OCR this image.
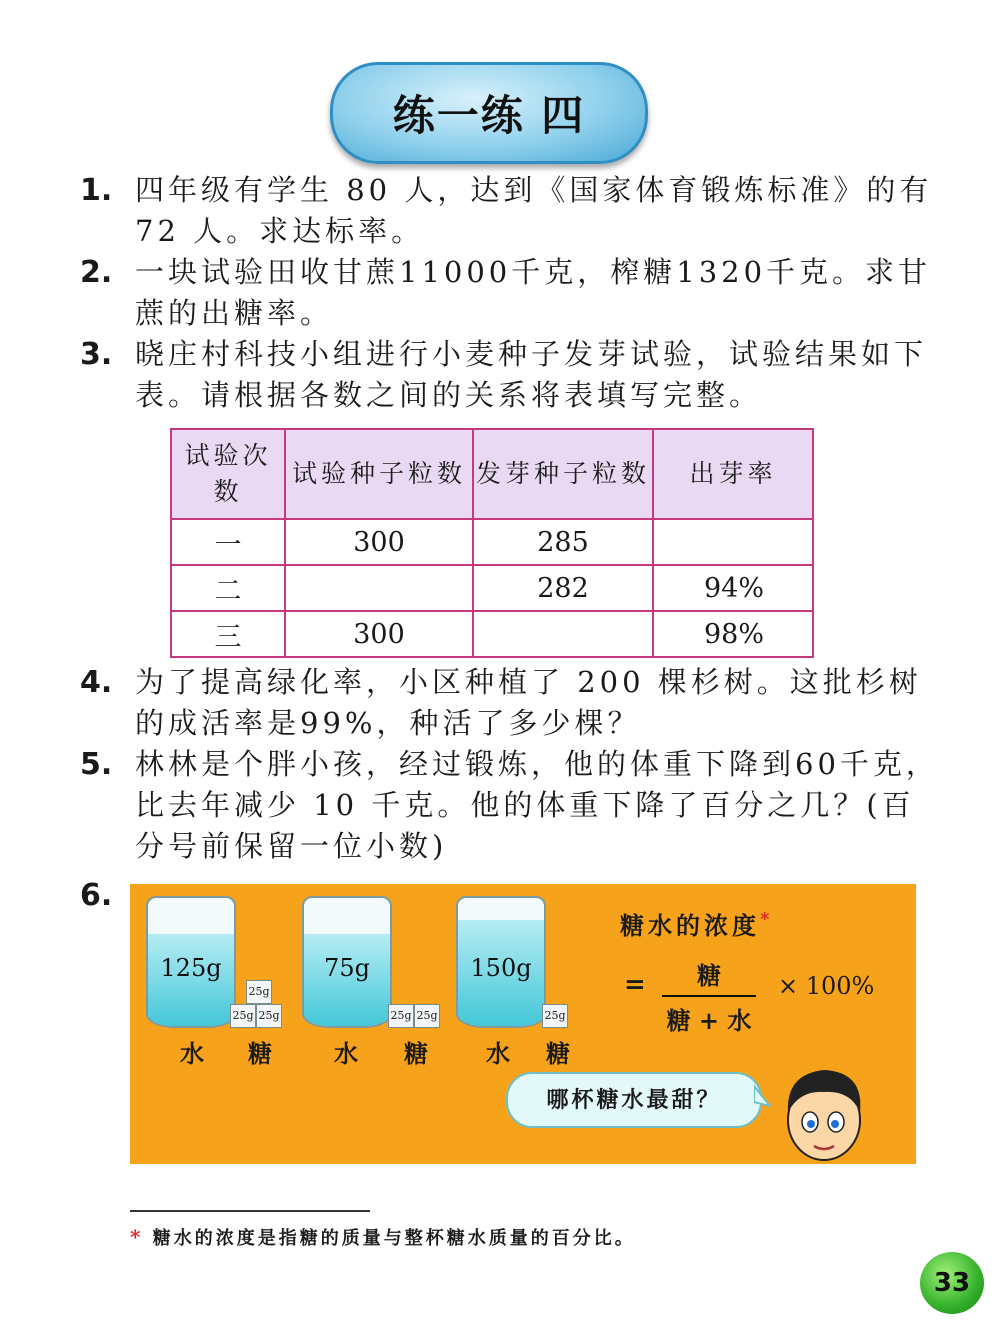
练一练 四
1. 四年级有学生 80 人，达到《国家体育锻炼标准》的有 72 人。求达标率。
2. 一块试验田收甘蔗11000千克，榨糖1320千克。求甘蔗的出糖率。
3. 晓庄村科技小组进行小麦种子发芽试验，试验结果如下表。请根据各数之间的关系将表填写完整。
试验次数	试验种子粒数	发芽种子粒数	出芽率
一	300	285	
二		282	94%
三	300		98%
4. 为了提高绿化率，小区种植了 200 棵杉树。这批杉树的成活率是99%，种活了多少棵？
5. 林林是个胖小孩，经过锻炼，他的体重下降到60千克，比去年减少 10 千克。他的体重下降了百分之几？(百分号前保留一位小数)
6.
125g
25g
25g 25g
水 糖
75g
25g 25g
水 糖
150g
25g
水 糖
糖水的浓度*
=	糖
糖 + 水
× 100%
哪杯糖水最甜？
* 糖水的浓度是指糖的质量与整杯糖水质量的百分比。
33
